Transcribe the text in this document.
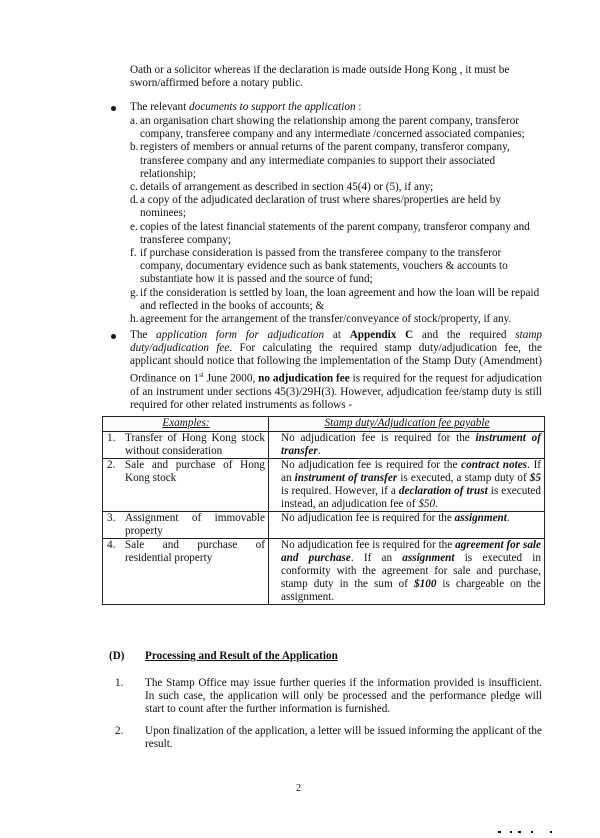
Oath or a solicitor whereas if the declaration is made outside Hong Kong , it must be
sworn/affirmed before a notary public.
The relevant documents to support the application :
a. an organisation chart showing the relationship among the parent company, transferor company, transferee company and any intermediate /concerned associated companies;
b. registers of members or annual returns of the parent company, transferor company, transferee company and any intermediate companies to support their associated relationship;
c. details of arrangement as described in section 45(4) or (5), if any;
d. a copy of the adjudicated declaration of trust where shares/properties are held by nominees;
e. copies of the latest financial statements of the parent company, transferor company and transferee company;
f. if purchase consideration is passed from the transferee company to the transferor company, documentary evidence such as bank statements, vouchers & accounts to substantiate how it is passed and the source of fund;
g. if the consideration is settled by loan, the loan agreement and how the loan will be repaid and reflected in the books of accounts; &
h. agreement for the arrangement of the transfer/conveyance of stock/property, if any.
The application form for adjudication at Appendix C and the required stamp duty/adjudication fee. For calculating the required stamp duty/adjudication fee, the applicant should notice that following the implementation of the Stamp Duty (Amendment) Ordinance on 1st June 2000, no adjudication fee is required for the request for adjudication of an instrument under sections 45(3)/29H(3). However, adjudication fee/stamp duty is still required for other related instruments as follows -
Examples:		Stamp duty/Adjudication fee payable
1.	Transfer of Hong Kong stock without consideration	No adjudication fee is required for the instrument of transfer.
2.	Sale and purchase of Hong Kong stock	No adjudication fee is required for the contract notes. If an instrument of transfer is executed, a stamp duty of $5 is required. However, if a declaration of trust is executed instead, an adjudication fee of $50.
3.	Assignment of immovable property	No adjudication fee is required for the assignment.
4.	Sale and purchase of residential property	No adjudication fee is required for the agreement for sale and purchase. If an assignment is executed in conformity with the agreement for sale and purchase, stamp duty in the sum of $100 is chargeable on the assignment.
(D) Processing and Result of the Application
1. The Stamp Office may issue further queries if the information provided is insufficient. In such case, the application will only be processed and the performance pledge will start to count after the further information is furnished.
2. Upon finalization of the application, a letter will be issued informing the applicant of the result.
2
